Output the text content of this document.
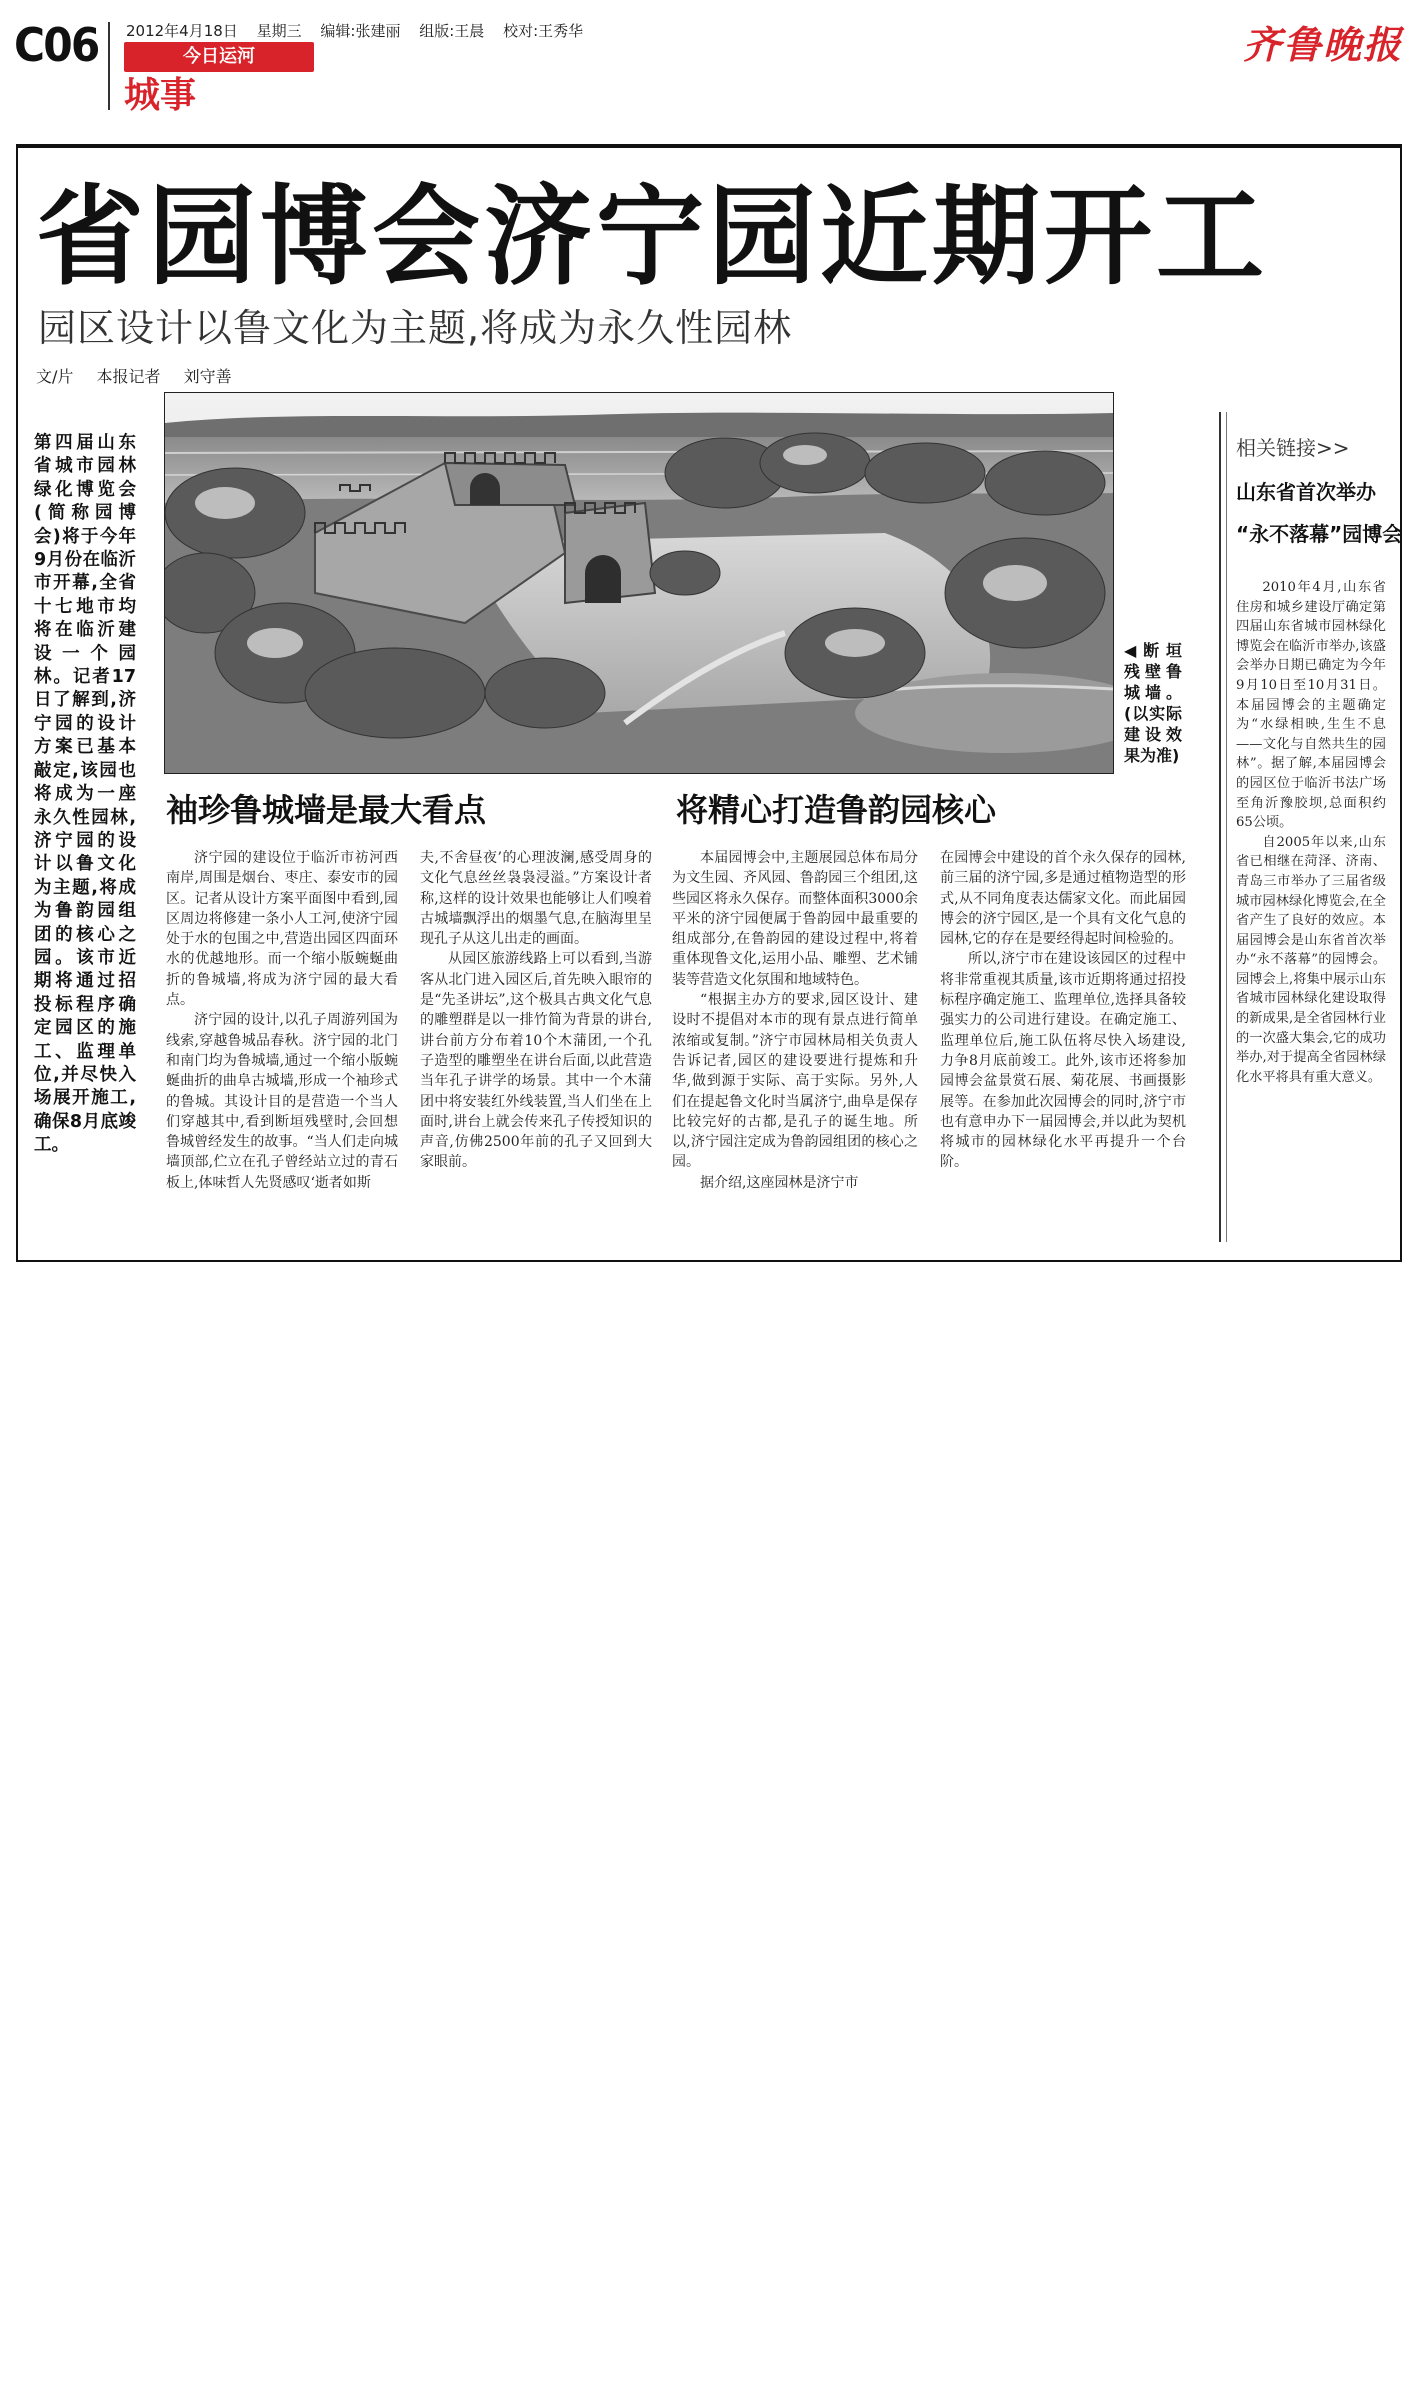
C06 2012年4月18日 星期三 编辑:张建丽 组版:王晨 校对:王秀华
今日运河
城事
齐鲁晚报
省园博会济宁园近期开工
园区设计以鲁文化为主题,将成为永久性园林
文/片 本报记者 刘守善
第四届山东省城市园林绿化博览会(简称园博会)将于今年9月份在临沂市开幕,全省十七地市均将在临沂建设一个园林。记者17日了解到,济宁园的设计方案已基本敲定,该园也将成为一座永久性园林,济宁园的设计以鲁文化为主题,将成为鲁韵园组团的核心之园。该市近期将通过招投标程序确定园区的施工、监理单位,并尽快入场展开施工,确保8月底竣工。
◀断垣残壁鲁城墙。(以实际建设效果为准)
相关链接>>
山东省首次举办
“永不落幕”园博会

2010年4月,山东省住房和城乡建设厅确定第四届山东省城市园林绿化博览会在临沂市举办,该盛会举办日期已确定为今年9月10日至10月31日。本届园博会的主题确定为“水绿相映,生生不息——文化与自然共生的园林”。据了解,本届园博会的园区位于临沂书法广场至角沂豫胶坝,总面积约65公顷。

自2005年以来,山东省已相继在菏泽、济南、青岛三市举办了三届省级城市园林绿化博览会,在全省产生了良好的效应。本届园博会是山东省首次举办“永不落幕”的园博会。园博会上,将集中展示山东省城市园林绿化建设取得的新成果,是全省园林行业的一次盛大集会,它的成功举办,对于提高全省园林绿化水平将具有重大意义。

袖珍鲁城墙是最大看点	将精心打造鲁韵园核心

济宁园的建设位于临沂市祊河西南岸,周围是烟台、枣庄、泰安市的园区。记者从设计方案平面图中看到,园区周边将修建一条小人工河,使济宁园处于水的包围之中,营造出园区四面环水的优越地形。而一个缩小版蜿蜒曲折的鲁城墙,将成为济宁园的最大看点。

济宁园的设计,以孔子周游列国为线索,穿越鲁城品春秋。济宁园的北门和南门均为鲁城墙,通过一个缩小版蜿蜒曲折的曲阜古城墙,形成一个袖珍式的鲁城。其设计目的是营造一个当人们穿越其中,看到断垣残壁时,会回想鲁城曾经发生的故事。“当人们走向城墙顶部,伫立在孔子曾经站立过的青石板上,体味哲人先贤感叹‘逝者如斯

夫,不舍昼夜’的心理波澜,感受周身的文化气息丝丝袅袅浸溢。”方案设计者称,这样的设计效果也能够让人们嗅着古城墙飘浮出的烟墨气息,在脑海里呈现孔子从这儿出走的画面。

从园区旅游线路上可以看到,当游客从北门进入园区后,首先映入眼帘的是“先圣讲坛”,这个极具古典文化气息的雕塑群是以一排竹简为背景的讲台,讲台前方分布着10个木蒲团,一个孔子造型的雕塑坐在讲台后面,以此营造当年孔子讲学的场景。其中一个木蒲团中将安装红外线装置,当人们坐在上面时,讲台上就会传来孔子传授知识的声音,仿佛2500年前的孔子又回到大家眼前。

本届园博会中,主题展园总体布局分为文生园、齐风园、鲁韵园三个组团,这些园区将永久保存。而整体面积3000余平米的济宁园便属于鲁韵园中最重要的组成部分,在鲁韵园的建设过程中,将着重体现鲁文化,运用小品、雕塑、艺术铺装等营造文化氛围和地域特色。

“根据主办方的要求,园区设计、建设时不提倡对本市的现有景点进行简单浓缩或复制。”济宁市园林局相关负责人告诉记者,园区的建设要进行提炼和升华,做到源于实际、高于实际。另外,人们在提起鲁文化时当属济宁,曲阜是保存比较完好的古都,是孔子的诞生地。所以,济宁园注定成为鲁韵园组团的核心之园。

据介绍,这座园林是济宁市

在园博会中建设的首个永久保存的园林,前三届的济宁园,多是通过植物造型的形式,从不同角度表达儒家文化。而此届园博会的济宁园区,是一个具有文化气息的园林,它的存在是要经得起时间检验的。

所以,济宁市在建设该园区的过程中将非常重视其质量,该市近期将通过招投标程序确定施工、监理单位,选择具备较强实力的公司进行建设。在确定施工、监理单位后,施工队伍将尽快入场建设,力争8月底前竣工。此外,该市还将参加园博会盆景赏石展、菊花展、书画摄影展等。在参加此次园博会的同时,济宁市也有意申办下一届园博会,并以此为契机将城市的园林绿化水平再提升一个台阶。
